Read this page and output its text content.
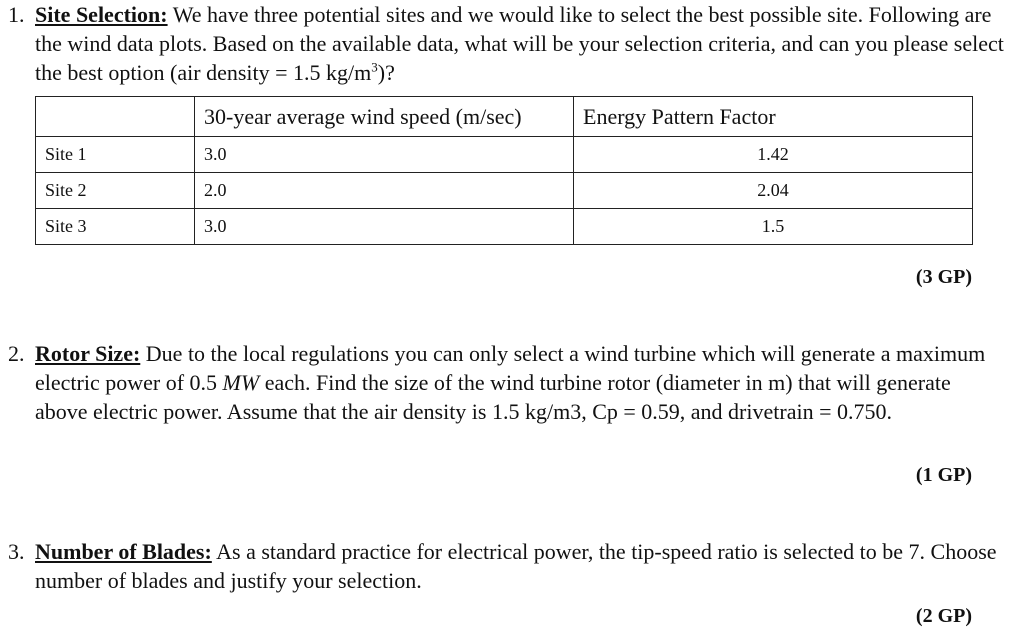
1. Site Selection: We have three potential sites and we would like to select the best possible site. Following are the wind data plots. Based on the available data, what will be your selection criteria, and can you please select the best option (air density = 1.5 $kg/m^3$)?
	30-year average wind speed (m/sec)	Energy Pattern Factor
Site 1	3.0	1.42
Site 2	2.0	2.04
Site 3	3.0	1.5
(3 GP)
2. Rotor Size: Due to the local regulations you can only select a wind turbine which will generate a maximum electric power of 0.5 MW each. Find the size of the wind turbine rotor (diameter in m) that will generate above electric power. Assume that the air density is 1.5 kg/m3, Cp = 0.59, and drivetrain = 0.750.
(1 GP)
3. Number of Blades: As a standard practice for electrical power, the tip-speed ratio is selected to be 7. Choose number of blades and justify your selection.
(2 GP)
